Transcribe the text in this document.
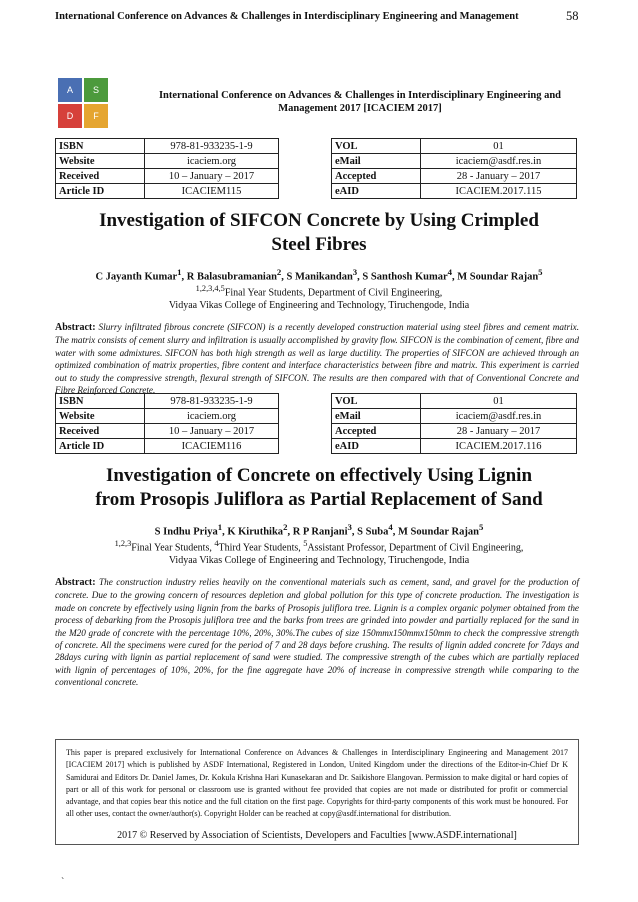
International Conference on Advances & Challenges in Interdisciplinary Engineering and Management	58
A	S
D	F
International Conference on Advances & Challenges in Interdisciplinary Engineering and Management 2017 [ICACIEM 2017]
ISBN	978-81-933235-1-9
Website	icaciem.org
Received	10 – January – 2017
Article ID	ICACIEM115
VOL	01
eMail	icaciem@asdf.res.in
Accepted	28 - January – 2017
eAID	ICACIEM.2017.115
Investigation of SIFCON Concrete by Using Crimpled
Steel Fibres
C Jayanth Kumar$^1$, R Balasubramanian$^2$, S Manikandan$^3$, S Santhosh Kumar$^4$, M Soundar Rajan$^5$
$^{1,2,3,4,5}$Final Year Students, Department of Civil Engineering,
Vidyaa Vikas College of Engineering and Technology, Tiruchengode, India
Abstract: Slurry infiltrated fibrous concrete (SIFCON) is a recently developed construction material using steel fibres and cement matrix. The matrix consists of cement slurry and infiltration is usually accomplished by gravity flow. SIFCON is the combination of cement, fibre and water with some admixtures. SIFCON has both high strength as well as large ductility. The properties of SIFCON are achieved through an optimized combination of matrix properties, fibre content and interface characteristics between fibre and matrix. This experiment is carried out to study the compressive strength, flexural strength of SIFCON. The results are then compared with that of Conventional Concrete and Fibre Reinforced Concrete.
ISBN	978-81-933235-1-9
Website	icaciem.org
Received	10 – January – 2017
Article ID	ICACIEM116
VOL	01
eMail	icaciem@asdf.res.in
Accepted	28 - January – 2017
eAID	ICACIEM.2017.116
Investigation of Concrete on effectively Using Lignin
from Prosopis Juliflora as Partial Replacement of Sand
S Indhu Priya$^1$, K Kiruthika$^2$, R P Ranjani$^3$, S Suba$^4$, M Soundar Rajan$^5$
$^{1,2,3}$Final Year Students, $^4$Third Year Students, $^5$Assistant Professor, Department of Civil Engineering,
Vidyaa Vikas College of Engineering and Technology, Tiruchengode, India
Abstract: The construction industry relies heavily on the conventional materials such as cement, sand, and gravel for the production of concrete. Due to the growing concern of resources depletion and global pollution for this type of concrete production. The investigation is made on concrete by effectively using lignin from the barks of Prosopis juliflora tree. Lignin is a complex organic polymer obtained from the process of debarking from the Prosopis juliflora tree and the barks from trees are grinded into powder and partially replaced for the sand in the M20 grade of concrete with the percentage 10%, 20%, 30%.The cubes of size 150mmx150mmx150mm to check the compressive strength of concrete. All the specimens were cured for the period of 7 and 28 days before crushing. The results of lignin added concrete for 7days and 28days curing with lignin as partial replacement of sand were studied. The compressive strength of the cubes which are partially replaced with lignin of percentages of 10%, 20%, for the fine aggregate have 20% of increase in compressive strength while comparing to the conventional concrete.
This paper is prepared exclusively for International Conference on Advances & Challenges in Interdisciplinary Engineering and Management 2017 [ICACIEM 2017] which is published by ASDF International, Registered in London, United Kingdom under the directions of the Editor-in-Chief Dr K Samidurai and Editors Dr. Daniel James, Dr. Kokula Krishna Hari Kunasekaran and Dr. Saikishore Elangovan. Permission to make digital or hard copies of part or all of this work for personal or classroom use is granted without fee provided that copies are not made or distributed for profit or commercial advantage, and that copies bear this notice and the full citation on the first page. Copyrights for third-party components of this work must be honoured. For all other uses, contact the owner/author(s). Copyright Holder can be reached at copy@asdf.international for distribution.
2017 © Reserved by Association of Scientists, Developers and Faculties [www.ASDF.international]
`
